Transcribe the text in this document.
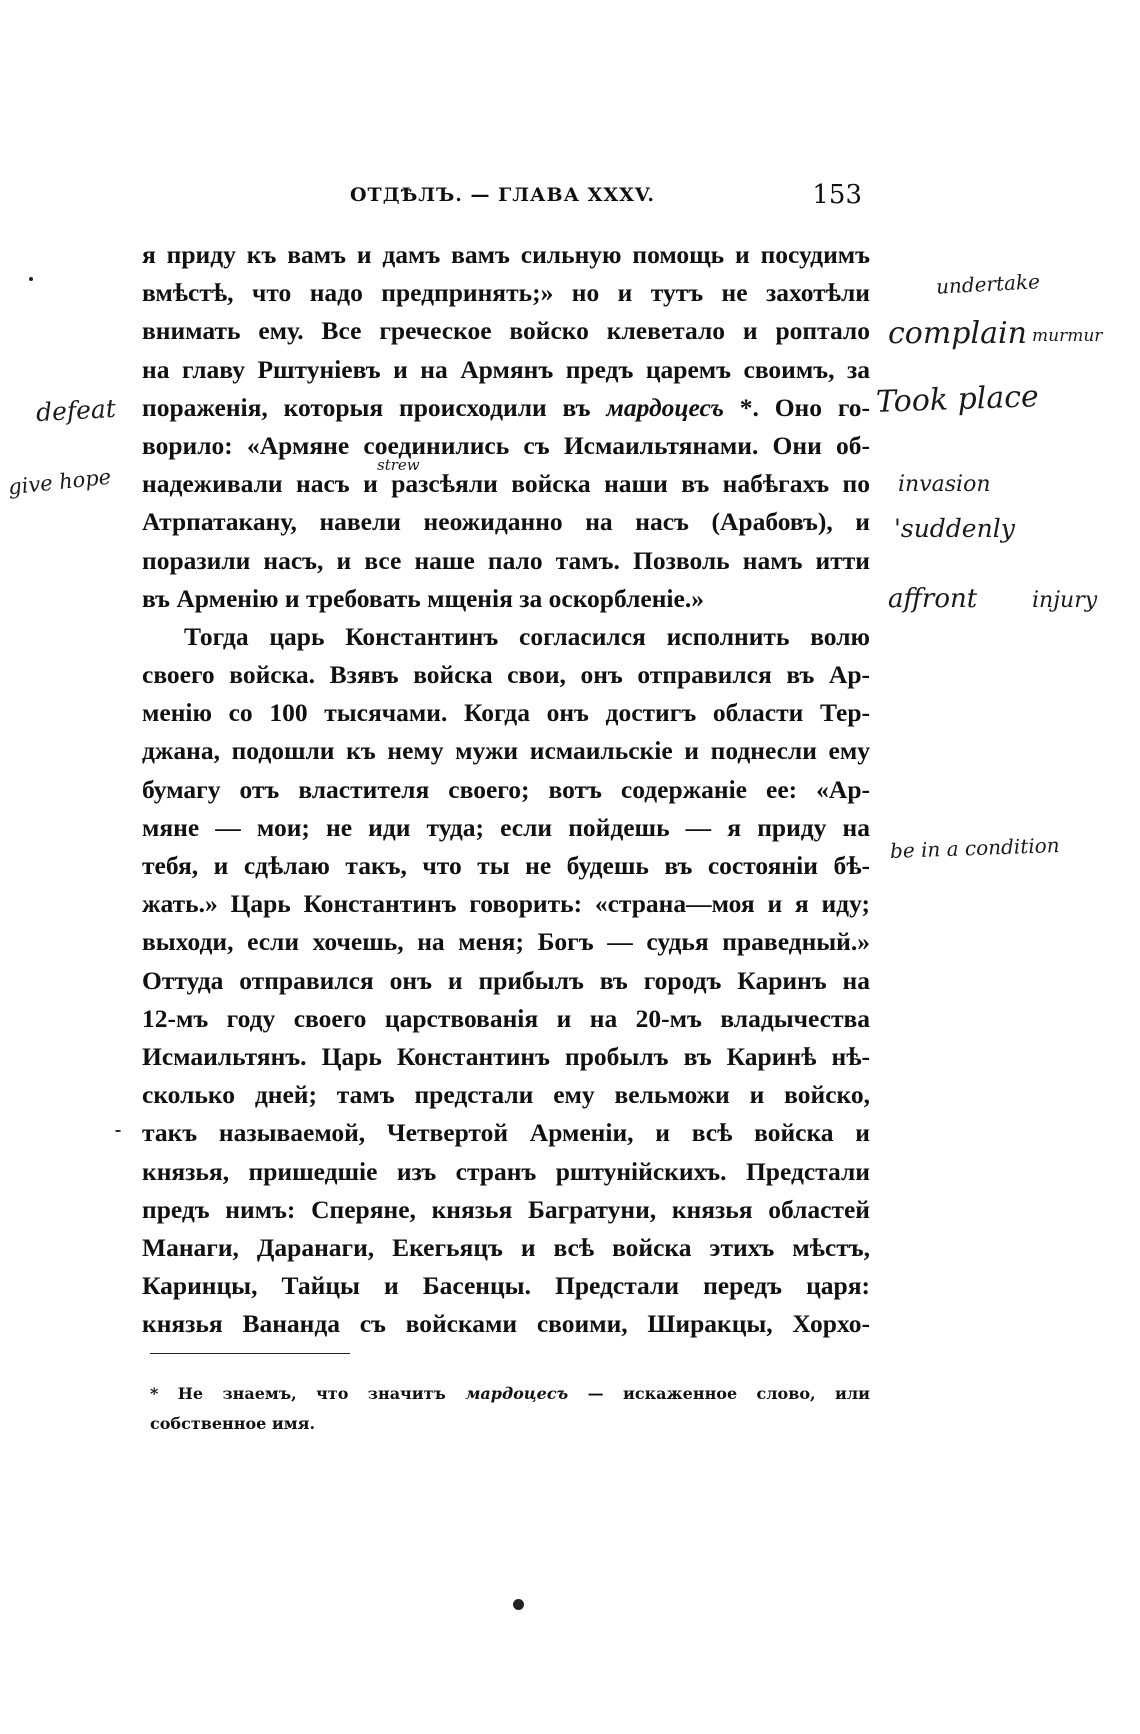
ОТДѢЛЪ. — ГЛАВА XXXV.	153
я приду къ вамъ и дамъ вамъ сильную помощь и посудимъ
вмѣстѣ, что надо предпринять;» но и тутъ не захотѣли
внимать ему. Все греческое войско клеветало и роптало
на главу Рштуніевъ и на Армянъ предъ царемъ своимъ, за
пораженія, которыя происходили въ мардоцесъ *. Оно го-
ворило: «Армяне соединились съ Исмаильтянами. Они об-
надеживали насъ и разсѣяли войска наши въ набѣгахъ по
Атрпатакану, навели неожиданно на насъ (Арабовъ), и
поразили насъ, и все наше пало тамъ. Позволь намъ итти
въ Арменію и требовать мщенія за оскорбленіе.»
Тогда царь Константинъ согласился исполнить волю
своего войска. Взявъ войска свои, онъ отправился въ Ар-
менію со 100 тысячами. Когда онъ достигъ области Тер-
джана, подошли къ нему мужи исмаильскіе и поднесли ему
бумагу отъ властителя своего; вотъ содержаніе ее: «Ар-
мяне — мои; не иди туда; если пойдешь — я приду на
тебя, и сдѣлаю такъ, что ты не будешь въ состояніи бѣ-
жать.» Царь Константинъ говорить: «страна—моя и я иду;
выходи, если хочешь, на меня; Богъ — судья праведный.»
Оттуда отправился онъ и прибылъ въ городъ Каринъ на
12-мъ году своего царствованія и на 20-мъ владычества
Исмаильтянъ. Царь Константинъ пробылъ въ Каринѣ нѣ-
сколько дней; тамъ предстали ему вельможи и войско,
такъ называемой, Четвертой Арменіи, и всѣ войска и
князья, пришедшіе изъ странъ рштунійскихъ. Предстали
предъ нимъ: Сперяне, князья Багратуни, князья областей
Манаги, Даранаги, Екегьяцъ и всѣ войска этихъ мѣстъ,
Каринцы, Тайцы и Басенцы. Предстали передъ царя:
князья Вананда съ войсками своими, Ширакцы, Хорхо-
* Не знаемъ, что значитъ мардоцесъ — искаженное слово, или
собственное имя.
undertake
complain murmur
Took place
defeat
strew
give hope	invasion
'suddenly
affront injury
be in a condition
